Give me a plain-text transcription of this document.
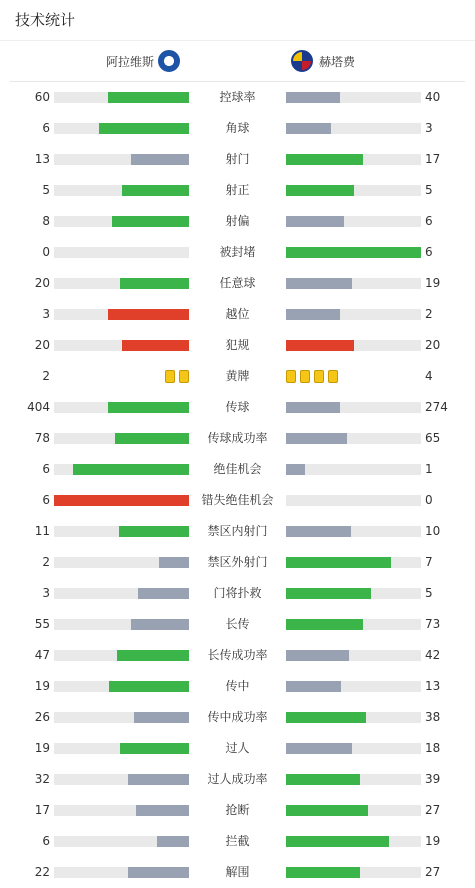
技术统计
阿拉维斯	赫塔费
60	控球率	40
6	角球	3
13	射门	17
5	射正	5
8	射偏	6
0	被封堵	6
20	任意球	19
3	越位	2
20	犯规	20
2	黄牌	4
404	传球	274
78	传球成功率	65
6	绝佳机会	1
6	错失绝佳机会	0
11	禁区内射门	10
2	禁区外射门	7
3	门将扑救	5
55	长传	73
47	长传成功率	42
19	传中	13
26	传中成功率	38
19	过人	18
32	过人成功率	39
17	抢断	27
6	拦截	19
22	解围	27
